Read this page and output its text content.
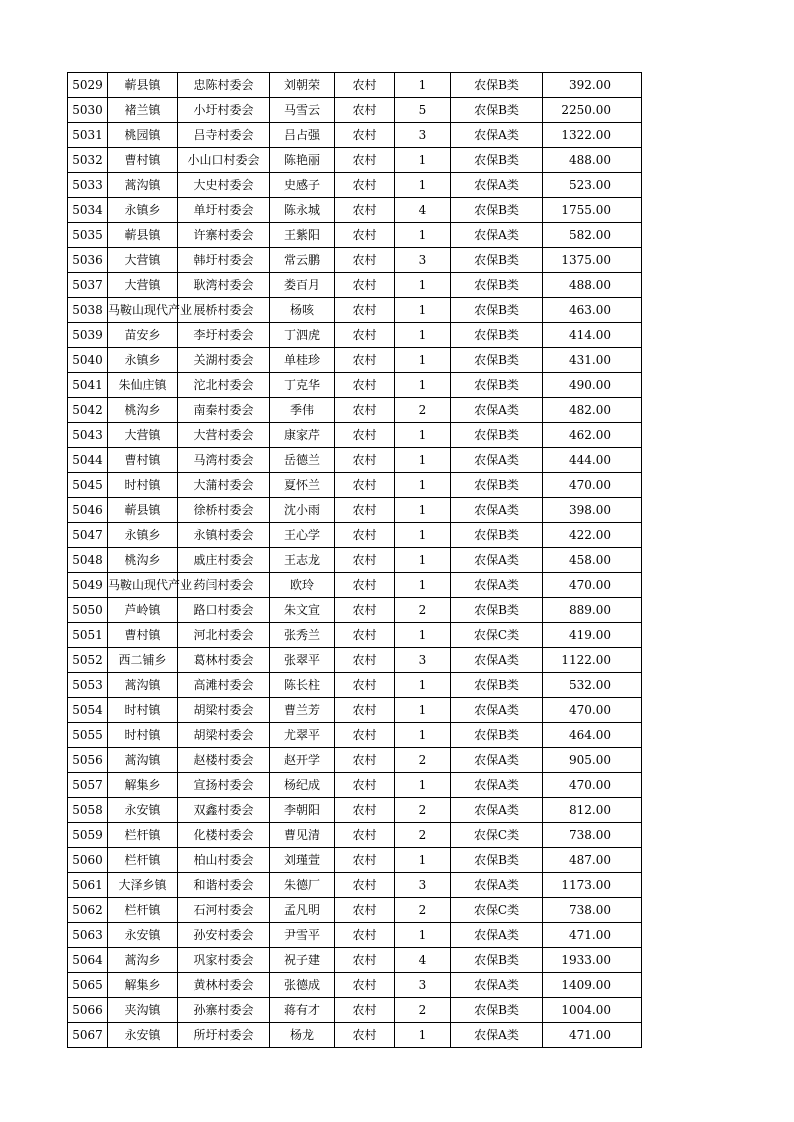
5029	蕲县镇	忠陈村委会	刘朝荣	农村	1	农保B类	392.00
5030	褚兰镇	小圩村委会	马雪云	农村	5	农保B类	2250.00
5031	桃园镇	吕寺村委会	吕占强	农村	3	农保A类	1322.00
5032	曹村镇	小山口村委会	陈艳丽	农村	1	农保B类	488.00
5033	蒿沟镇	大史村委会	史感子	农村	1	农保A类	523.00
5034	永镇乡	单圩村委会	陈永城	农村	4	农保B类	1755.00
5035	蕲县镇	许寨村委会	王紫阳	农村	1	农保A类	582.00
5036	大营镇	韩圩村委会	常云鹏	农村	3	农保B类	1375.00
5037	大营镇	耿湾村委会	娄百月	农村	1	农保B类	488.00
5038	马鞍山现代产业	展桥村委会	杨咳	农村	1	农保B类	463.00
5039	苗安乡	李圩村委会	丁泗虎	农村	1	农保B类	414.00
5040	永镇乡	关湖村委会	单桂珍	农村	1	农保B类	431.00
5041	朱仙庄镇	沱北村委会	丁克华	农村	1	农保B类	490.00
5042	桃沟乡	南秦村委会	季伟	农村	2	农保A类	482.00
5043	大营镇	大营村委会	康家芹	农村	1	农保B类	462.00
5044	曹村镇	马湾村委会	岳德兰	农村	1	农保A类	444.00
5045	时村镇	大蒲村委会	夏怀兰	农村	1	农保B类	470.00
5046	蕲县镇	徐桥村委会	沈小雨	农村	1	农保A类	398.00
5047	永镇乡	永镇村委会	王心学	农村	1	农保B类	422.00
5048	桃沟乡	戚庄村委会	王志龙	农村	1	农保A类	458.00
5049	马鞍山现代产业	药闫村委会	欧玲	农村	1	农保A类	470.00
5050	芦岭镇	路口村委会	朱文宣	农村	2	农保B类	889.00
5051	曹村镇	河北村委会	张秀兰	农村	1	农保C类	419.00
5052	西二铺乡	葛林村委会	张翠平	农村	3	农保A类	1122.00
5053	蒿沟镇	高滩村委会	陈长柱	农村	1	农保B类	532.00
5054	时村镇	胡梁村委会	曹兰芳	农村	1	农保A类	470.00
5055	时村镇	胡梁村委会	尤翠平	农村	1	农保B类	464.00
5056	蒿沟镇	赵楼村委会	赵开学	农村	2	农保A类	905.00
5057	解集乡	宣扬村委会	杨纪成	农村	1	农保A类	470.00
5058	永安镇	双鑫村委会	李朝阳	农村	2	农保A类	812.00
5059	栏杆镇	化楼村委会	曹见清	农村	2	农保C类	738.00
5060	栏杆镇	柏山村委会	刘瑾萱	农村	1	农保B类	487.00
5061	大泽乡镇	和谐村委会	朱德厂	农村	3	农保A类	1173.00
5062	栏杆镇	石河村委会	孟凡明	农村	2	农保C类	738.00
5063	永安镇	孙安村委会	尹雪平	农村	1	农保A类	471.00
5064	蒿沟乡	巩家村委会	祝子建	农村	4	农保B类	1933.00
5065	解集乡	黄林村委会	张德成	农村	3	农保A类	1409.00
5066	夹沟镇	孙寨村委会	蒋有才	农村	2	农保B类	1004.00
5067	永安镇	所圩村委会	杨龙	农村	1	农保A类	471.00
